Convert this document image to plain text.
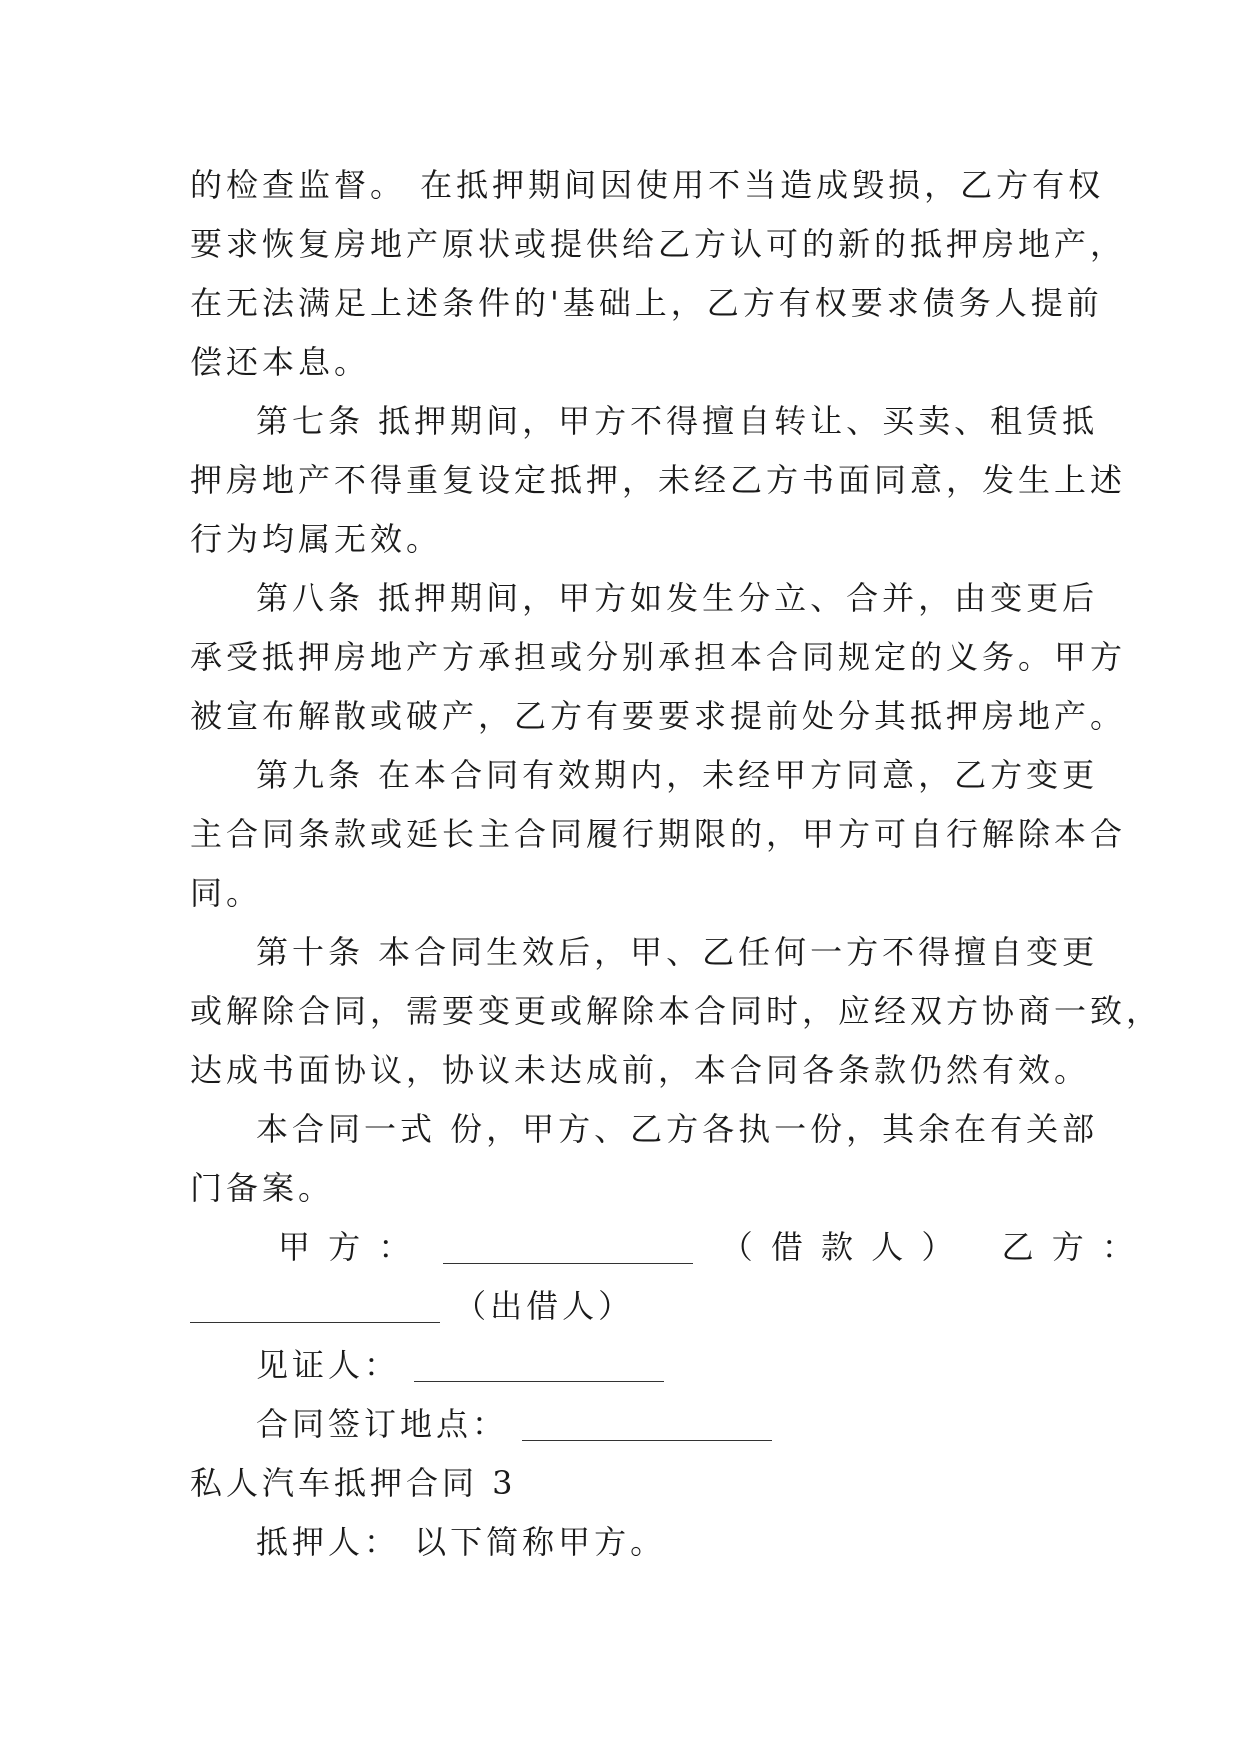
的检查监督。 在抵押期间因使用不当造成毁损，乙方有权
要求恢复房地产原状或提供给乙方认可的新的抵押房地产，
在无法满足上述条件的'基础上，乙方有权要求债务人提前
偿还本息。
第七条 抵押期间，甲方不得擅自转让、买卖、租赁抵
押房地产不得重复设定抵押，未经乙方书面同意，发生上述
行为均属无效。
第八条 抵押期间，甲方如发生分立、合并，由变更后
承受抵押房地产方承担或分别承担本合同规定的义务。甲方
被宣布解散或破产，乙方有要要求提前处分其抵押房地产。
第九条 在本合同有效期内，未经甲方同意，乙方变更
主合同条款或延长主合同履行期限的，甲方可自行解除本合
同。
第十条 本合同生效后，甲、乙任何一方不得擅自变更
或解除合同，需要变更或解除本合同时，应经双方协商一致，
达成书面协议，协议未达成前，本合同各条款仍然有效。
本合同一式 份，甲方、乙方各执一份，其余在有关部
门备案。
甲 方 ：	（ 借 款 人 ） 乙 方 ：
（出借人）
见证人：
合同签订地点：
私人汽车抵押合同 3
抵押人： 以下简称甲方。
